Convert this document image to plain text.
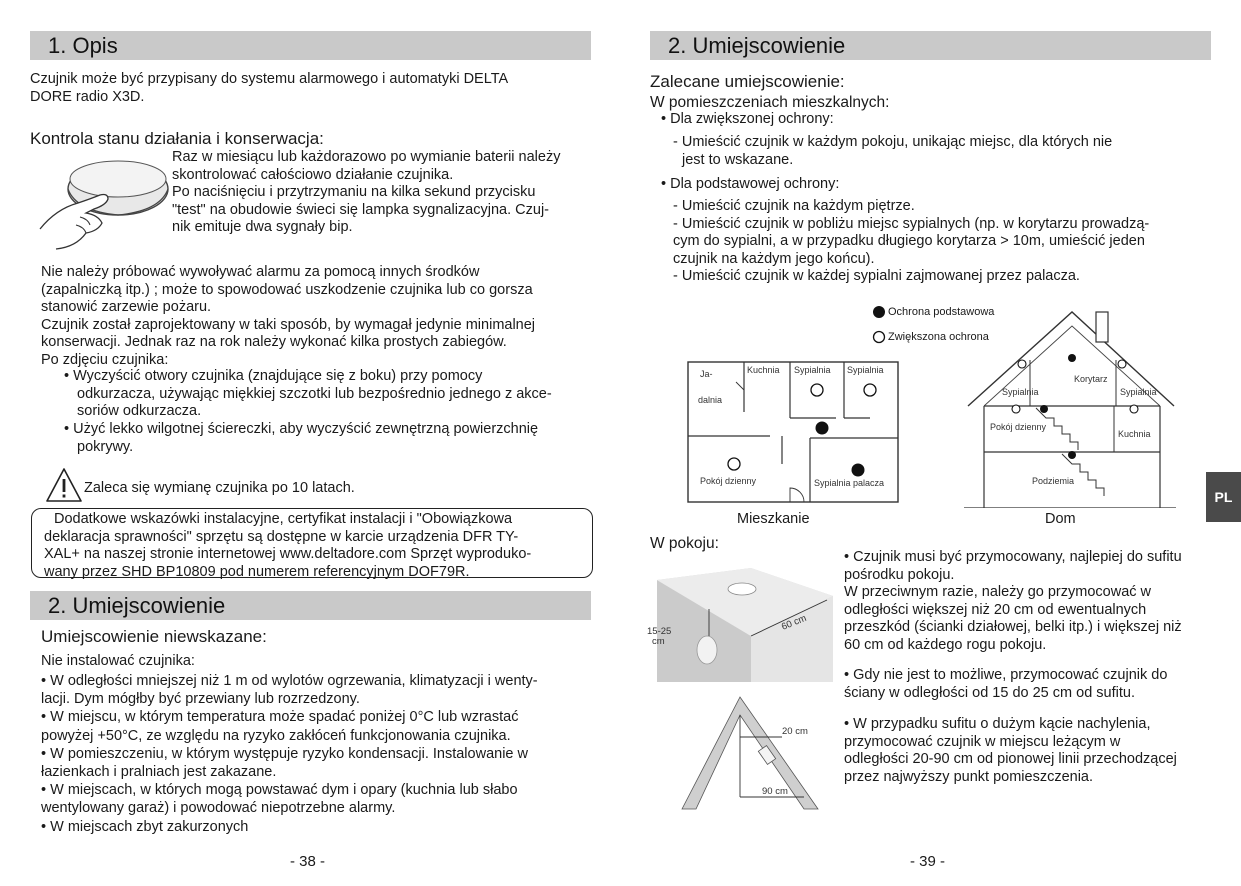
1. Opis
Czujnik może być przypisany do systemu alarmowego i automatyki DELTA
DORE radio X3D.
Kontrola stanu działania i konserwacja:
Raz w miesiącu lub każdorazowo po wymianie baterii należy
skontrolować całościowo działanie czujnika.
Po naciśnięciu i przytrzymaniu na kilka sekund przycisku
"test" na obudowie świeci się lampka sygnalizacyjna. Czuj-
nik emituje dwa sygnały bip.
Nie należy próbować wywoływać alarmu za pomocą innych środków
(zapalniczką itp.) ; może to spowodować uszkodzenie czujnika lub co gorsza
stanowić zarzewie pożaru.
Czujnik został zaprojektowany w taki sposób, by wymagał jedynie minimalnej
konserwacji. Jednak raz na rok należy wykonać kilka prostych zabiegów.
Po zdjęciu czujnika:
• Wyczyścić otwory czujnika (znajdujące się z boku) przy pomocy
odkurzacza, używając miękkiej szczotki lub bezpośrednio jednego z akce-
soriów odkurzacza.
• Użyć lekko wilgotnej ściereczki, aby wyczyścić zewnętrzną powierzchnię
pokrywy.
Zaleca się wymianę czujnika po 10 latach.
Dodatkowe wskazówki instalacyjne, certyfikat instalacji i "Obowiązkowa
deklaracja sprawności" sprzętu są dostępne w karcie urządzenia DFR TY-
XAL+ na naszej stronie internetowej www.deltadore.com Sprzęt wyproduko-
wany przez SHD BP10809 pod numerem referencyjnym DOF79R.
2. Umiejscowienie
Umiejscowienie niewskazane:
Nie instalować czujnika:
• W odległości mniejszej niż 1 m od wylotów ogrzewania, klimatyzacji i wenty-
lacji. Dym mógłby być przewiany lub rozrzedzony.
• W miejscu, w którym temperatura może spadać poniżej 0°C lub wzrastać
powyżej +50°C, ze względu na ryzyko zakłóceń funkcjonowania czujnika.
• W pomieszczeniu, w którym występuje ryzyko kondensacji. Instalowanie w
łazienkach i pralniach jest zakazane.
• W miejscach, w których mogą powstawać dym i opary (kuchnia lub słabo
wentylowany garaż) i powodować niepotrzebne alarmy.
• W miejscach zbyt zakurzonych
- 38 -
2. Umiejscowienie
Zalecane umiejscowienie:
W pomieszczeniach mieszkalnych:
• Dla zwiększonej ochrony:
- Umieścić czujnik w każdym pokoju, unikając miejsc, dla których nie
jest to wskazane.
• Dla podstawowej ochrony:
- Umieścić czujnik na każdym piętrze.
- Umieścić czujnik w pobliżu miejsc sypialnych (np. w korytarzu prowadzą-
cym do sypialni, a w przypadku długiego korytarza > 10m, umieścić jeden
czujnik na każdym jego końcu).
- Umieścić czujnik w każdej sypialni zajmowanej przez palacza.
Ochrona podstawowa
Zwiększona ochrona
Ja-
dalnia
Kuchnia Sypialnia Sypialnia
Pokój dzienny	Sypialnia palacza
Mieszkanie
Korytarz
Sypialnia	Sypialnia
Pokój dzienny
Kuchnia
Podziemia
Dom
PL
W pokoju:
15-25
cm
60 cm
20 cm
90 cm
• Czujnik musi być przymocowany, najlepiej do sufitu
pośrodku pokoju.
W przeciwnym razie, należy go przymocować w
odległości większej niż 20 cm od ewentualnych
przeszkód (ścianki działowej, belki itp.) i większej niż
60 cm od każdego rogu pokoju.
• Gdy nie jest to możliwe, przymocować czujnik do
ściany w odległości od 15 do 25 cm od sufitu.
• W przypadku sufitu o dużym kącie nachylenia,
przymocować czujnik w miejscu leżącym w
odległości 20-90 cm od pionowej linii przechodzącej
przez najwyższy punkt pomieszczenia.
- 39 -
